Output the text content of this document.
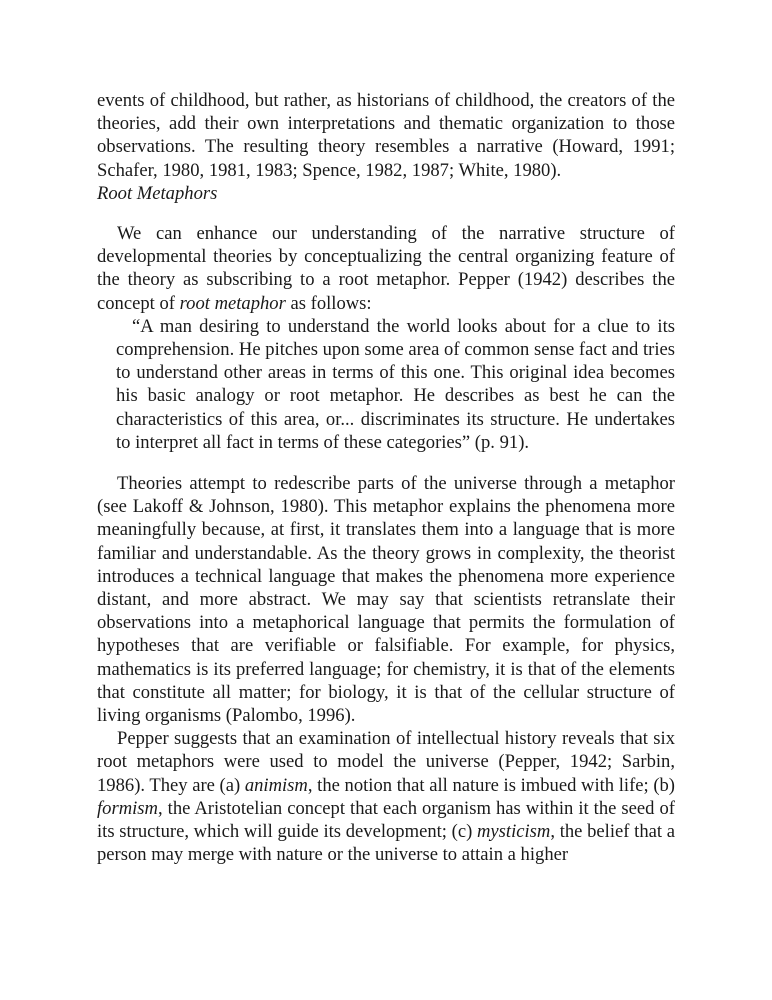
events of childhood, but rather, as historians of childhood, the creators of the theories, add their own interpretations and thematic organization to those observations. The resulting theory resembles a narrative (Howard, 1991; Schafer, 1980, 1981, 1983; Spence, 1982, 1987; White, 1980).

Root Metaphors

We can enhance our understanding of the narrative structure of developmental theories by conceptualizing the central organizing feature of the theory as subscribing to a root metaphor. Pepper (1942) describes the concept of root metaphor as follows:

“A man desiring to understand the world looks about for a clue to its comprehension. He pitches upon some area of common sense fact and tries to understand other areas in terms of this one. This original idea becomes his basic analogy or root metaphor. He describes as best he can the characteristics of this area, or... discriminates its structure. He undertakes to interpret all fact in terms of these categories” (p. 91).

Theories attempt to redescribe parts of the universe through a metaphor (see Lakoff & Johnson, 1980). This metaphor explains the phenomena more meaningfully because, at first, it translates them into a language that is more familiar and understandable. As the theory grows in complexity, the theorist introduces a technical language that makes the phenomena more experience distant, and more abstract. We may say that scientists retranslate their observations into a metaphorical language that permits the formulation of hypotheses that are verifiable or falsifiable. For example, for physics, mathematics is its preferred language; for chemistry, it is that of the elements that constitute all matter; for biology, it is that of the cellular structure of living organisms (Palombo, 1996).

Pepper suggests that an examination of intellectual history reveals that six root metaphors were used to model the universe (Pepper, 1942; Sarbin, 1986). They are (a) animism, the notion that all nature is imbued with life; (b) formism, the Aristotelian concept that each organism has within it the seed of its structure, which will guide its development; (c) mysticism, the belief that a person may merge with nature or the universe to attain a higher
